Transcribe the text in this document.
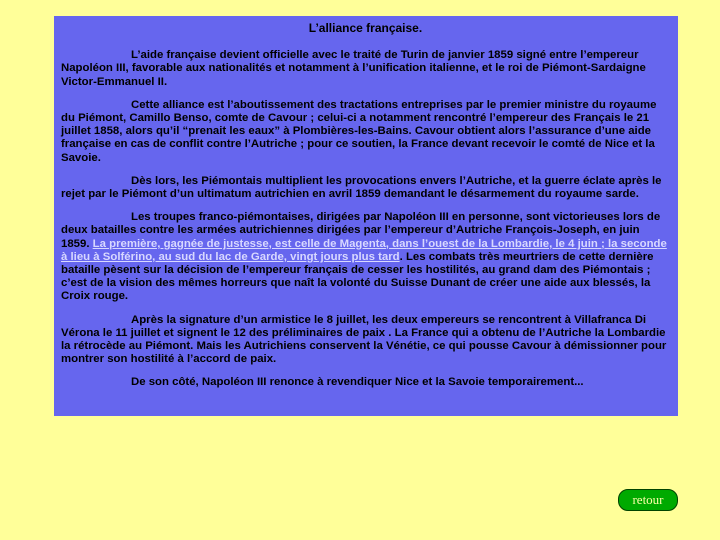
L’alliance française.

L’aide française devient officielle avec le traité de Turin de janvier 1859 signé entre l’empereur Napoléon III, favorable aux nationalités et notamment à l’unification italienne, et le roi de Piémont-Sardaigne Victor-Emmanuel II.

Cette alliance est l’aboutissement des tractations entreprises par le premier ministre du royaume du Piémont, Camillo Benso, comte de Cavour ; celui-ci a notamment rencontré l’empereur des Français le 21 juillet 1858, alors qu’il “prenait les eaux” à Plombières-les-Bains. Cavour obtient alors l’assurance d’une aide française en cas de conflit contre l’Autriche ; pour ce soutien, la France devant recevoir le comté de Nice et la Savoie.

Dès lors, les Piémontais multiplient les provocations envers l’Autriche, et la guerre éclate après le rejet par le Piémont d’un ultimatum autrichien en avril 1859 demandant le désarmement du royaume sarde.

Les troupes franco-piémontaises, dirigées par Napoléon III en personne, sont victorieuses lors de deux batailles contre les armées autrichiennes dirigées par l’empereur d’Autriche François-Joseph, en juin 1859. La première, gagnée de justesse, est celle de Magenta, dans l’ouest de la Lombardie, le 4 juin ; la seconde à lieu à Solférino, au sud du lac de Garde, vingt jours plus tard. Les combats très meurtriers de cette dernière bataille pèsent sur la décision de l’empereur français de cesser les hostilités, au grand dam des Piémontais ; c’est de la vision des mêmes horreurs que naît la volonté du Suisse Dunant de créer une aide aux blessés, la Croix rouge.

Après la signature d’un armistice le 8 juillet, les deux empereurs se rencontrent à Villafranca Di Vérona le 11 juillet et signent le 12 des préliminaires de paix . La France qui a obtenu de l’Autriche la Lombardie la rétrocède au Piémont. Mais les Autrichiens conservent la Vénétie, ce qui pousse Cavour à démissionner pour montrer son hostilité à l’accord de paix.

De son côté, Napoléon III renonce à revendiquer Nice et la Savoie temporairement...

retour
